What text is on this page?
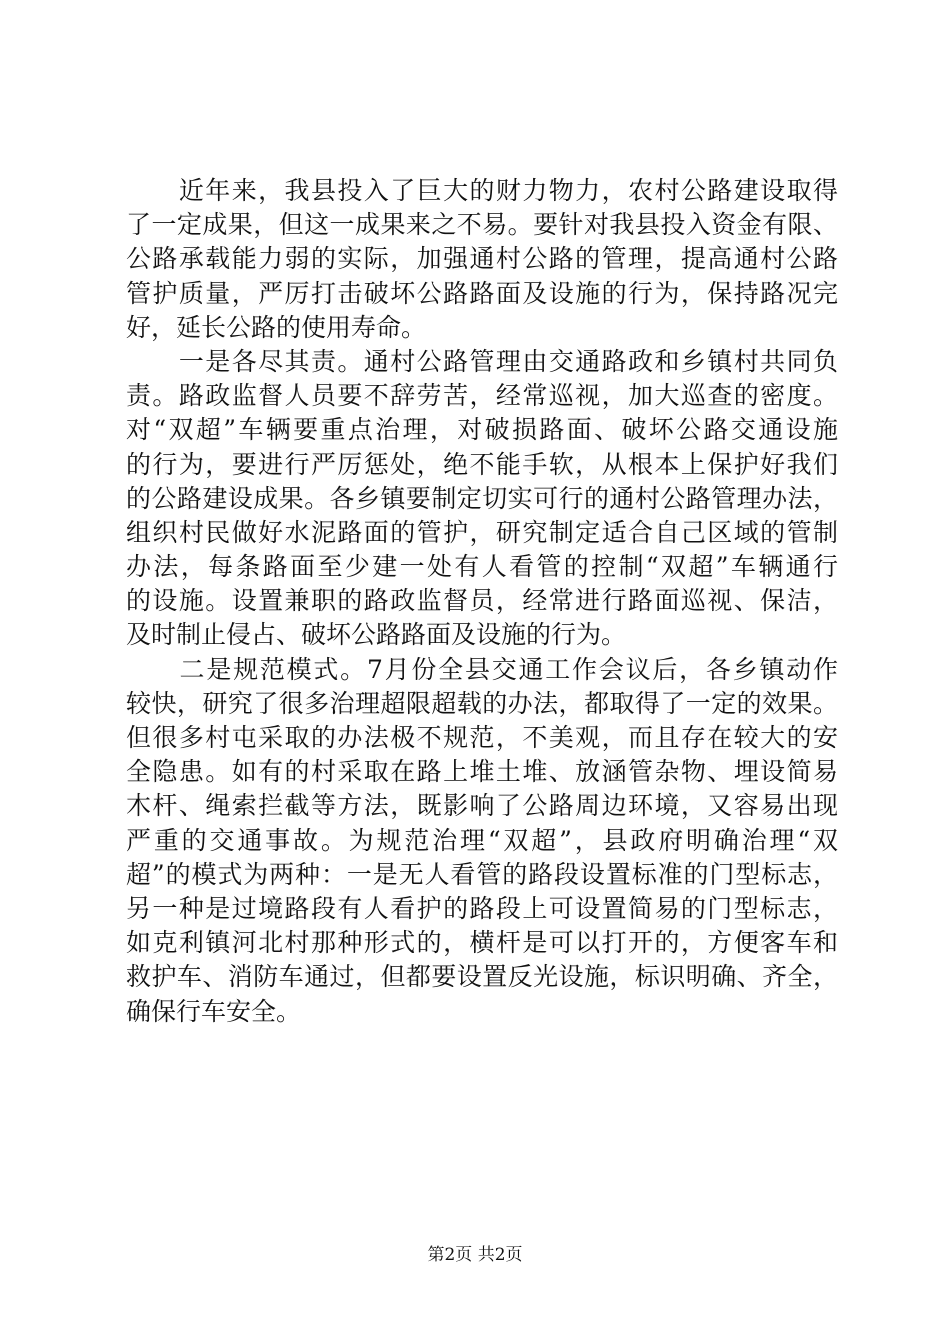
　　近年来，我县投入了巨大的财力物力，农村公路建设取得
了一定成果，但这一成果来之不易。要针对我县投入资金有限、
公路承载能力弱的实际，加强通村公路的管理，提高通村公路
管护质量，严厉打击破坏公路路面及设施的行为，保持路况完
好，延长公路的使用寿命。
　　一是各尽其责。通村公路管理由交通路政和乡镇村共同负
责。路政监督人员要不辞劳苦，经常巡视，加大巡查的密度。
对“双超”车辆要重点治理，对破损路面、破坏公路交通设施
的行为，要进行严厉惩处，绝不能手软，从根本上保护好我们
的公路建设成果。各乡镇要制定切实可行的通村公路管理办法，
组织村民做好水泥路面的管护，研究制定适合自己区域的管制
办法，每条路面至少建一处有人看管的控制“双超”车辆通行
的设施。设置兼职的路政监督员，经常进行路面巡视、保洁，
及时制止侵占、破坏公路路面及设施的行为。
　　二是规范模式。7月份全县交通工作会议后，各乡镇动作
较快，研究了很多治理超限超载的办法，都取得了一定的效果。
但很多村屯采取的办法极不规范，不美观，而且存在较大的安
全隐患。如有的村采取在路上堆土堆、放涵管杂物、埋设简易
木杆、绳索拦截等方法，既影响了公路周边环境，又容易出现
严重的交通事故。为规范治理“双超”，县政府明确治理“双
超”的模式为两种：一是无人看管的路段设置标准的门型标志，
另一种是过境路段有人看护的路段上可设置简易的门型标志，
如克利镇河北村那种形式的，横杆是可以打开的，方便客车和
救护车、消防车通过，但都要设置反光设施，标识明确、齐全，
确保行车安全。
第2页 共2页
